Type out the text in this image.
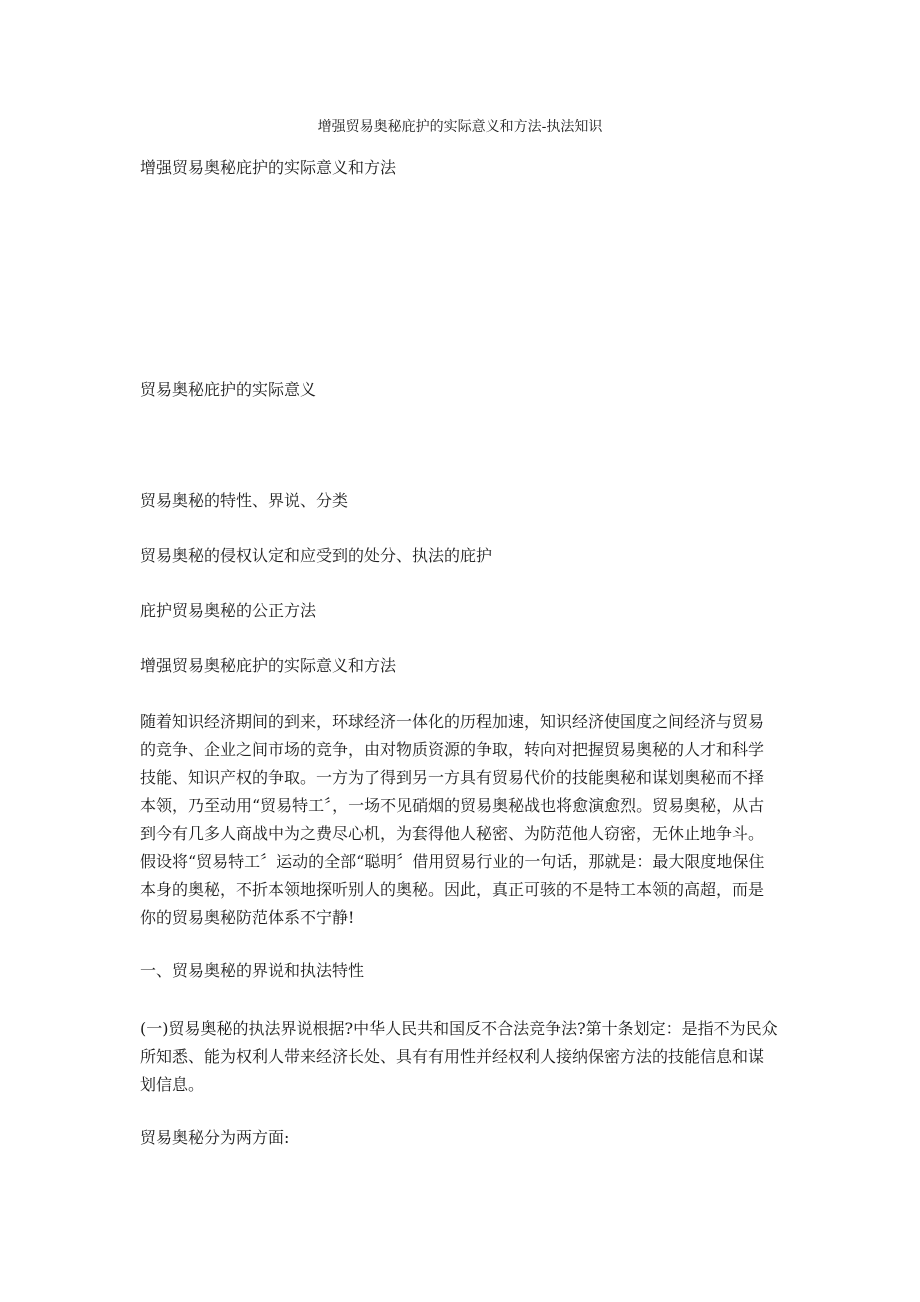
增强贸易奥秘庇护的实际意义和方法-执法知识
增强贸易奥秘庇护的实际意义和方法
贸易奥秘庇护的实际意义
贸易奥秘的特性、界说、分类
贸易奥秘的侵权认定和应受到的处分、执法的庇护
庇护贸易奥秘的公正方法
增强贸易奥秘庇护的实际意义和方法

随着知识经济期间的到来，环球经济一体化的历程加速，知识经济使国度之间经济与贸易

的竞争、企业之间市场的竞争，由对物质资源的争取，转向对把握贸易奥秘的人才和科学

技能、知识产权的争取。一方为了得到另一方具有贸易代价的技能奥秘和谋划奥秘而不择

本领，乃至动用“贸易特工〞，一场不见硝烟的贸易奥秘战也将愈演愈烈。贸易奥秘，从古

到今有几多人商战中为之费尽心机，为套得他人秘密、为防范他人窃密，无休止地争斗。

假设将“贸易特工〞运动的全部“聪明〞借用贸易行业的一句话，那就是：最大限度地保住

本身的奥秘，不折本领地探听别人的奥秘。因此，真正可骇的不是特工本领的高超，而是

你的贸易奥秘防范体系不宁静!

一、贸易奥秘的界说和执法特性

(一)贸易奥秘的执法界说根据?中华人民共和国反不合法竞争法?第十条划定：是指不为民众

所知悉、能为权利人带来经济长处、具有有用性并经权利人接纳保密方法的技能信息和谋

划信息。

贸易奥秘分为两方面:
